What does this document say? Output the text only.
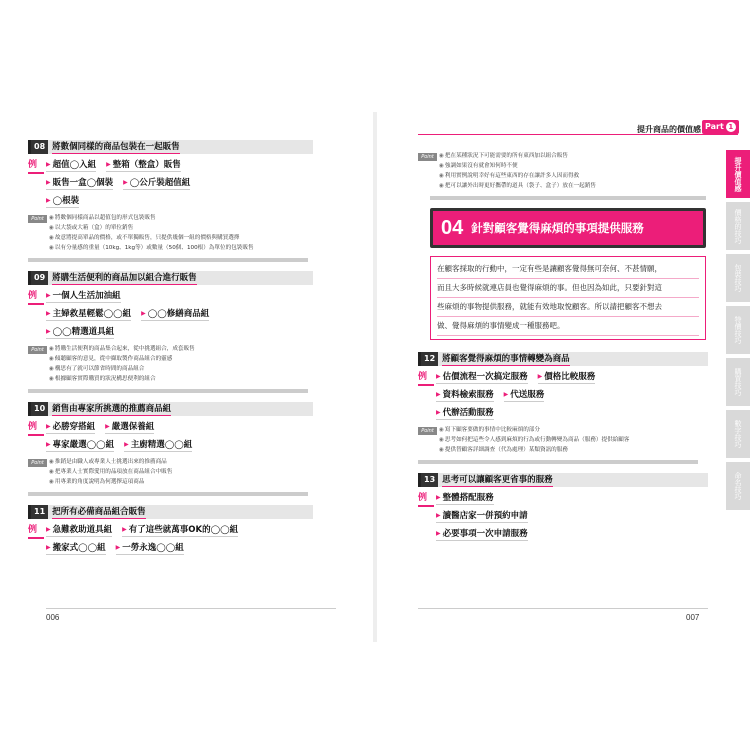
提升商品的價值感 Part 1
提升價值感
價格的技巧
包裝技巧
特價技巧
購買技巧
數字技巧
命名技巧
08 將數個同樣的商品包裝在一起販售
例	▶ 超值◯入組	▶ 整箱（整盒）販售
▶ 販售一盒◯個裝	▶ ◯公斤裝超值組
▶ ◯根裝
Point	◉ 將數個同樣商品以超值包的形式包裝販售
◉ 以大袋或大箱（盒）的單位銷售
◉ 故意將提高單品的價格，或不單獨販售，只提供幾個一組的價格與購買選擇
◉ 以有分量感的重量（10kg、1kg等）或數量（50個、100根）為單位的包裝販售
09 將購生活便利的商品加以組合進行販售
例	▶ 一個人生活加油組
▶ 主婦救星輕鬆◯◯組	▶ ◯◯修繕商品組
▶ ◯◯精選道具組
Point	◉ 將購生活便利的商品集合起來，從中挑選組合，成套販售
◉ 傾聽顧客的意見，從中擷取製作商品組合的靈感
◉ 構思有了就可以節省時間的商品組合
◉ 根據顧客實際購買的狀況構思便利的組合
10 銷售由專家所挑選的推薦商品組
例	▶ 必勝穿搭組	▶ 嚴選保養組
▶ 專家嚴選◯◯組	▶ 主廚精選◯◯組
Point	◉ 推銷是由職人或專業人士挑選出來的推薦商品
◉ 把專業人士實際愛用的品項放在商品組合中販售
◉ 用專業的角度說明為何選擇這項商品
11 把所有必備商品組合販售
例	▶ 急難救助道具組	▶ 有了這些就萬事OK的◯◯組
▶ 搬家式◯◯組	▶ 一勞永逸◯◯組
Point	◉ 把在某種狀況下可能需要的所有東西加以組合販售
◉ 強調如果沒有就會知何時不便
◉ 利用實例說明幸好有這些東西的存在讓許多人因而得救
◉ 把可以讓外出時更好攜帶的道具（袋子、盒子）放在一起銷售
04 針對顧客覺得麻煩的事項提供服務
在顧客採取的行動中，一定有些是讓顧客覺得無可奈何、不甚情願，
而且大多時候就連店員也覺得麻煩的事。但也因為如此，只要針對這
些麻煩的事物提供服務，就能有效地取悅顧客。所以請把顧客不想去
做、覺得麻煩的事情變成一種服務吧。
12 將顧客覺得麻煩的事情轉變為商品
例	▶ 估價流程一次搞定服務	▶ 價格比較服務
▶ 資料檢索服務	▶ 代送服務
▶ 代辦活動服務
Point	◉ 寫下顧客要做的事情中比較麻煩的部分
◉ 思考如何把這些令人感到麻煩的行為或行動轉變為商品（服務）提供給顧客
◉ 提供替顧客詳細調查（代為處理）某類資訊的服務
13 思考可以讓顧客更省事的服務
例	▶ 整體搭配服務
▶ 讀醫店家一併預約申請
▶ 必要事項一次申請服務
006	007
